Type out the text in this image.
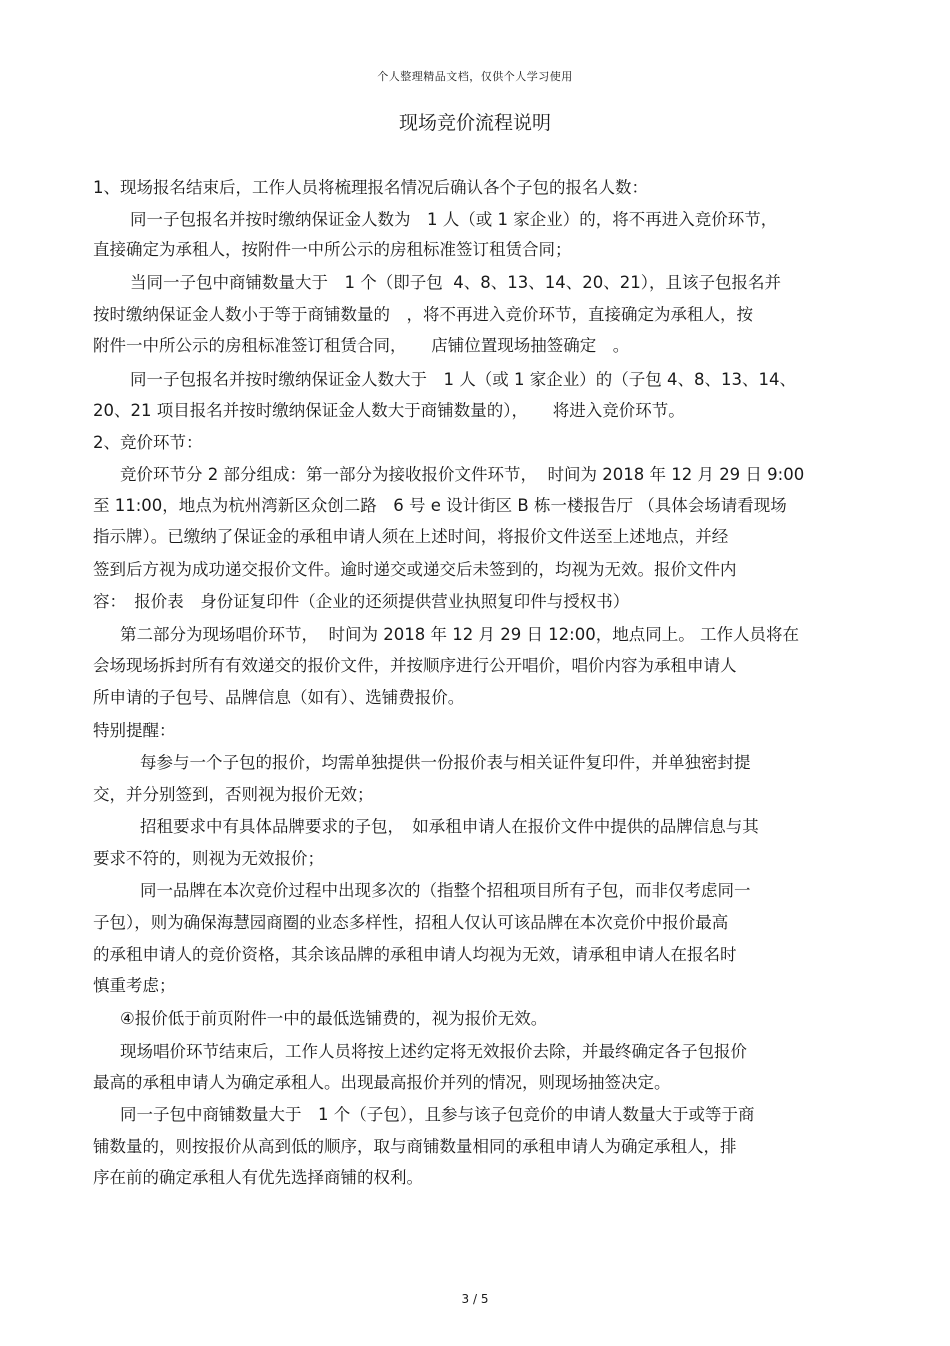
个人整理精品文档，仅供个人学习使用
现场竞价流程说明
1、现场报名结束后，工作人员将梳理报名情况后确认各个子包的报名人数：
同一子包报名并按时缴纳保证金人数为　1 人（或 1 家企业）的，将不再进入竞价环节，
直接确定为承租人，按附件一中所公示的房租标准签订租赁合同；
当同一子包中商铺数量大于　1 个（即子包  4、8、13、14、20、21），且该子包报名并
按时缴纳保证金人数小于等于商铺数量的　，将不再进入竞价环节，直接确定为承租人，按
附件一中所公示的房租标准签订租赁合同，　　店铺位置现场抽签确定　。
同一子包报名并按时缴纳保证金人数大于　1 人（或 1 家企业）的（子包 4、8、13、14、
20、21 项目报名并按时缴纳保证金人数大于商铺数量的），　　将进入竞价环节。
2、竞价环节：
竞价环节分 2 部分组成：第一部分为接收报价文件环节，  时间为 2018 年 12 月 29 日 9:00
至 11:00，地点为杭州湾新区众创二路　6 号 e 设计街区 B 栋一楼报告厅 （具体会场请看现场
指示牌）。已缴纳了保证金的承租申请人须在上述时间，将报价文件送至上述地点，并经
签到后方视为成功递交报价文件。逾时递交或递交后未签到的，均视为无效。报价文件内
容：　报价表　身份证复印件（企业的还须提供营业执照复印件与授权书）
第二部分为现场唱价环节，  时间为 2018 年 12 月 29 日 12:00，地点同上。 工作人员将在
会场现场拆封所有有效递交的报价文件，并按顺序进行公开唱价，唱价内容为承租申请人
所申请的子包号、品牌信息（如有）、选铺费报价。
特别提醒：
每参与一个子包的报价，均需单独提供一份报价表与相关证件复印件，并单独密封提
交，并分别签到，否则视为报价无效；
招租要求中有具体品牌要求的子包，　如承租申请人在报价文件中提供的品牌信息与其
要求不符的，则视为无效报价；
同一品牌在本次竞价过程中出现多次的（指整个招租项目所有子包，而非仅考虑同一
子包），则为确保海慧园商圈的业态多样性，招租人仅认可该品牌在本次竞价中报价最高
的承租申请人的竞价资格，其余该品牌的承租申请人均视为无效，请承租申请人在报名时
慎重考虑；
④报价低于前页附件一中的最低选铺费的，视为报价无效。
现场唱价环节结束后，工作人员将按上述约定将无效报价去除，并最终确定各子包报价
最高的承租申请人为确定承租人。出现最高报价并列的情况，则现场抽签决定。
同一子包中商铺数量大于　1 个（子包），且参与该子包竞价的申请人数量大于或等于商
铺数量的，则按报价从高到低的顺序，取与商铺数量相同的承租申请人为确定承租人，排
序在前的确定承租人有优先选择商铺的权利。
3 / 5
